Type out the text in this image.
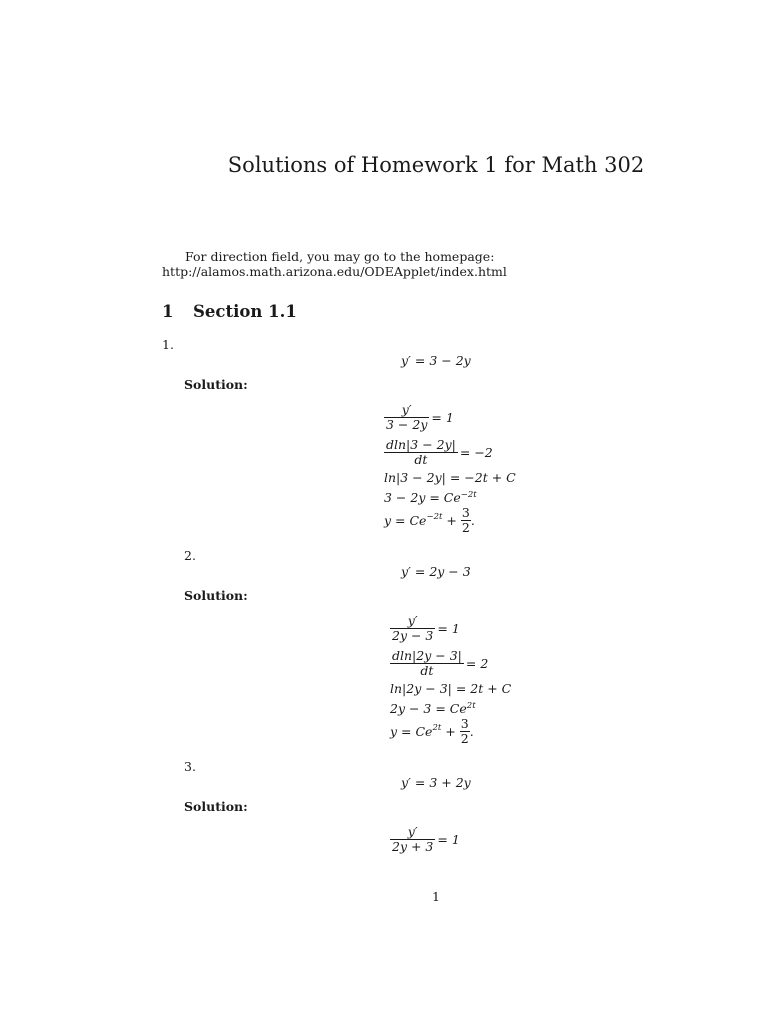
Solutions of Homework 1 for Math 302
For direction field, you may go to the homepage:
http://alamos.math.arizona.edu/ODEApplet/index.html
1 Section 1.1
1.
y′ = 3 − 2y
Solution:
$\frac{y'}{3 - 2y} = 1$
$\frac{dln|3 - 2y|}{dt} = -2$
ln|3 − 2y| = −2t + C
$3 - 2y = Ce^{-2t}$
$y = Ce^{-2t} + \frac{3}{2}$ .
2.
y′ = 2y − 3
Solution:
$\frac{y'}{2y - 3} = 1$
$\frac{dln|2y - 3|}{dt} = 2$
ln|2y − 3| = 2t + C
$2y - 3 = Ce^{2t}$
$y = Ce^{2t} + \frac{3}{2}$ .
3.
y′ = 3 + 2y
Solution:
$\frac{y'}{2y + 3} = 1$
1
